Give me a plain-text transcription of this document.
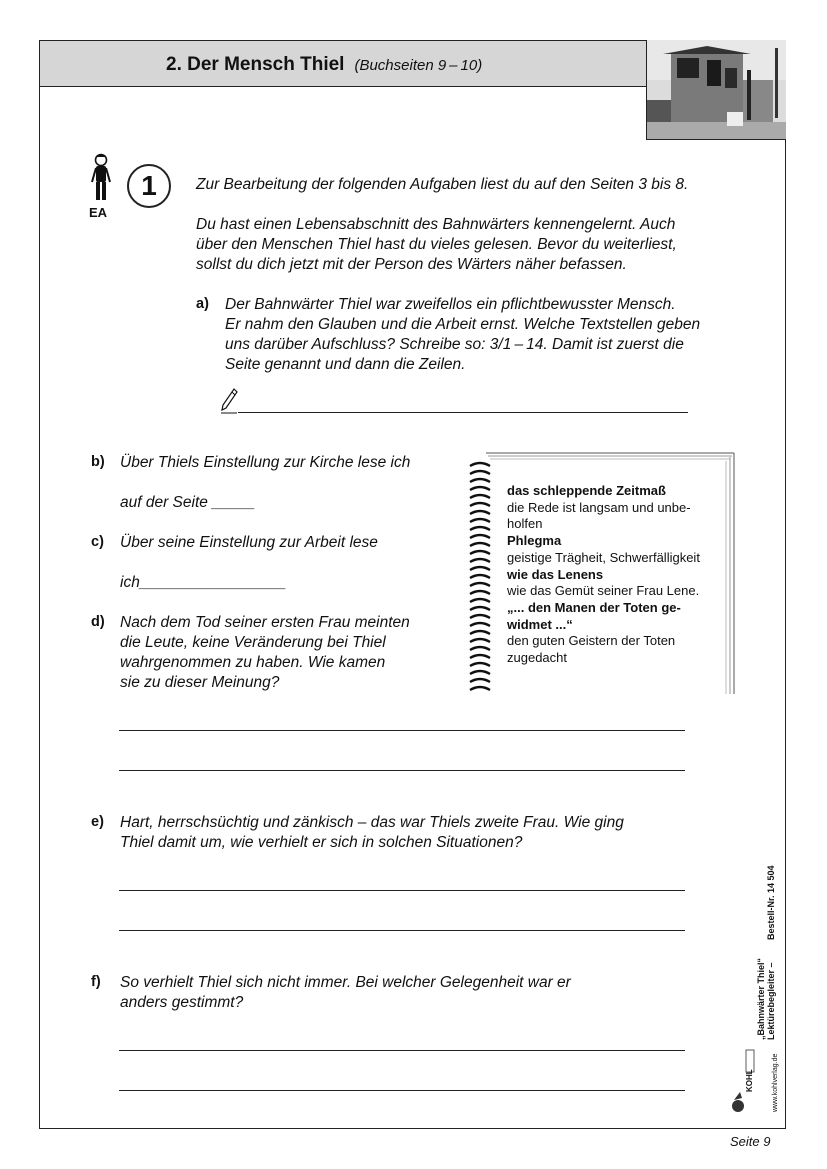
2. Der Mensch Thiel (Buchseiten 9 – 10)
EA
1	Zur Bearbeitung der folgenden Aufgaben liest du auf den Seiten 3 bis 8.
Du hast einen Lebensabschnitt des Bahnwärters kennengelernt. Auch
über den Menschen Thiel hast du vieles gelesen. Bevor du weiterliest,
sollst du dich jetzt mit der Person des Wärters näher befassen.
a) Der Bahnwärter Thiel war zweifellos ein pflichtbewusster Mensch.
Er nahm den Glauben und die Arbeit ernst. Welche Textstellen geben
uns darüber Aufschluss? Schreibe so: 3/1 – 14. Damit ist zuerst die
Seite genannt und dann die Zeilen.
b) Über Thiels Einstellung zur Kirche lese ich
auf der Seite _____
c) Über seine Einstellung zur Arbeit lese
ich_________________
d) Nach dem Tod seiner ersten Frau meinten
die Leute, keine Veränderung bei Thiel
wahrgenommen zu haben. Wie kamen
sie zu dieser Meinung?
das schleppende Zeitmaß
die Rede ist langsam und unbe-
holfen
Phlegma
geistige Trägheit, Schwerfälligkeit
wie das Lenens
wie das Gemüt seiner Frau Lene.
„... den Manen der Toten ge-
widmet ...“
den guten Geistern der Toten
zugedacht
e) Hart, herrschsüchtig und zänkisch – das war Thiels zweite Frau. Wie ging
Thiel damit um, wie verhielt er sich in solchen Situationen?
f) So verhielt Thiel sich nicht immer. Bei welcher Gelegenheit war er
anders gestimmt?
Bestell-Nr. 14 504
„Bahnwärter Thiel“ Lektürebegleiter –
KOHL	www.kohlverlag.de
Seite 9
